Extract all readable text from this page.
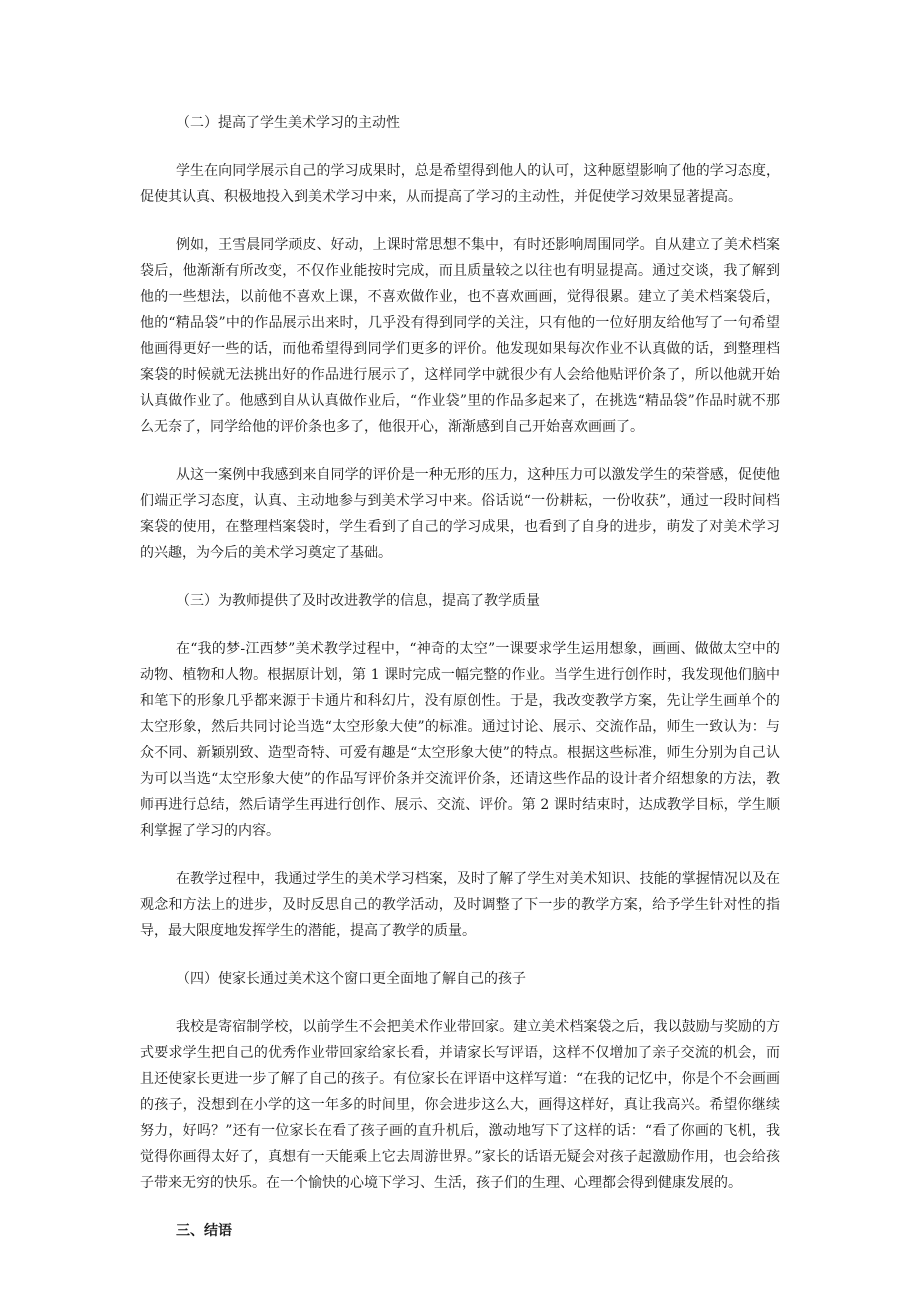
（二）提高了学生美术学习的主动性

学生在向同学展示自己的学习成果时，总是希望得到他人的认可，这种愿望影响了他的学习态度，促使其认真、积极地投入到美术学习中来，从而提高了学习的主动性，并促使学习效果显著提高。

例如，王雪晨同学顽皮、好动，上课时常思想不集中，有时还影响周围同学。自从建立了美术档案袋后，他渐渐有所改变，不仅作业能按时完成，而且质量较之以往也有明显提高。通过交谈，我了解到他的一些想法，以前他不喜欢上课，不喜欢做作业，也不喜欢画画，觉得很累。建立了美术档案袋后，他的“精品袋”中的作品展示出来时，几乎没有得到同学的关注，只有他的一位好朋友给他写了一句希望他画得更好一些的话，而他希望得到同学们更多的评价。他发现如果每次作业不认真做的话，到整理档案袋的时候就无法挑出好的作品进行展示了，这样同学中就很少有人会给他贴评价条了，所以他就开始认真做作业了。他感到自从认真做作业后，“作业袋”里的作品多起来了，在挑选“精品袋”作品时就不那么无奈了，同学给他的评价条也多了，他很开心，渐渐感到自己开始喜欢画画了。

从这一案例中我感到来自同学的评价是一种无形的压力，这种压力可以激发学生的荣誉感，促使他们端正学习态度，认真、主动地参与到美术学习中来。俗话说“一份耕耘，一份收获”，通过一段时间档案袋的使用，在整理档案袋时，学生看到了自己的学习成果，也看到了自身的进步，萌发了对美术学习的兴趣，为今后的美术学习奠定了基础。

（三）为教师提供了及时改进教学的信息，提高了教学质量

在“我的梦-江西梦”美术教学过程中，“神奇的太空”一课要求学生运用想象，画画、做做太空中的动物、植物和人物。根据原计划，第 1 课时完成一幅完整的作业。当学生进行创作时，我发现他们脑中和笔下的形象几乎都来源于卡通片和科幻片，没有原创性。于是，我改变教学方案，先让学生画单个的太空形象，然后共同讨论当选“太空形象大使”的标准。通过讨论、展示、交流作品，师生一致认为：与众不同、新颖别致、造型奇特、可爱有趣是“太空形象大使”的特点。根据这些标准，师生分别为自己认为可以当选“太空形象大使”的作品写评价条并交流评价条，还请这些作品的设计者介绍想象的方法，教师再进行总结，然后请学生再进行创作、展示、交流、评价。第 2 课时结束时，达成教学目标，学生顺利掌握了学习的内容。

在教学过程中，我通过学生的美术学习档案，及时了解了学生对美术知识、技能的掌握情况以及在观念和方法上的进步，及时反思自己的教学活动，及时调整了下一步的教学方案，给予学生针对性的指导，最大限度地发挥学生的潜能，提高了教学的质量。

（四）使家长通过美术这个窗口更全面地了解自己的孩子

我校是寄宿制学校，以前学生不会把美术作业带回家。建立美术档案袋之后，我以鼓励与奖励的方式要求学生把自己的优秀作业带回家给家长看，并请家长写评语，这样不仅增加了亲子交流的机会，而且还使家长更进一步了解了自己的孩子。有位家长在评语中这样写道：“在我的记忆中，你是个不会画画的孩子，没想到在小学的这一年多的时间里，你会进步这么大，画得这样好，真让我高兴。希望你继续努力，好吗？”还有一位家长在看了孩子画的直升机后，激动地写下了这样的话：“看了你画的飞机，我觉得你画得太好了，真想有一天能乘上它去周游世界。”家长的话语无疑会对孩子起激励作用，也会给孩子带来无穷的快乐。在一个愉快的心境下学习、生活，孩子们的生理、心理都会得到健康发展的。

三、结语
